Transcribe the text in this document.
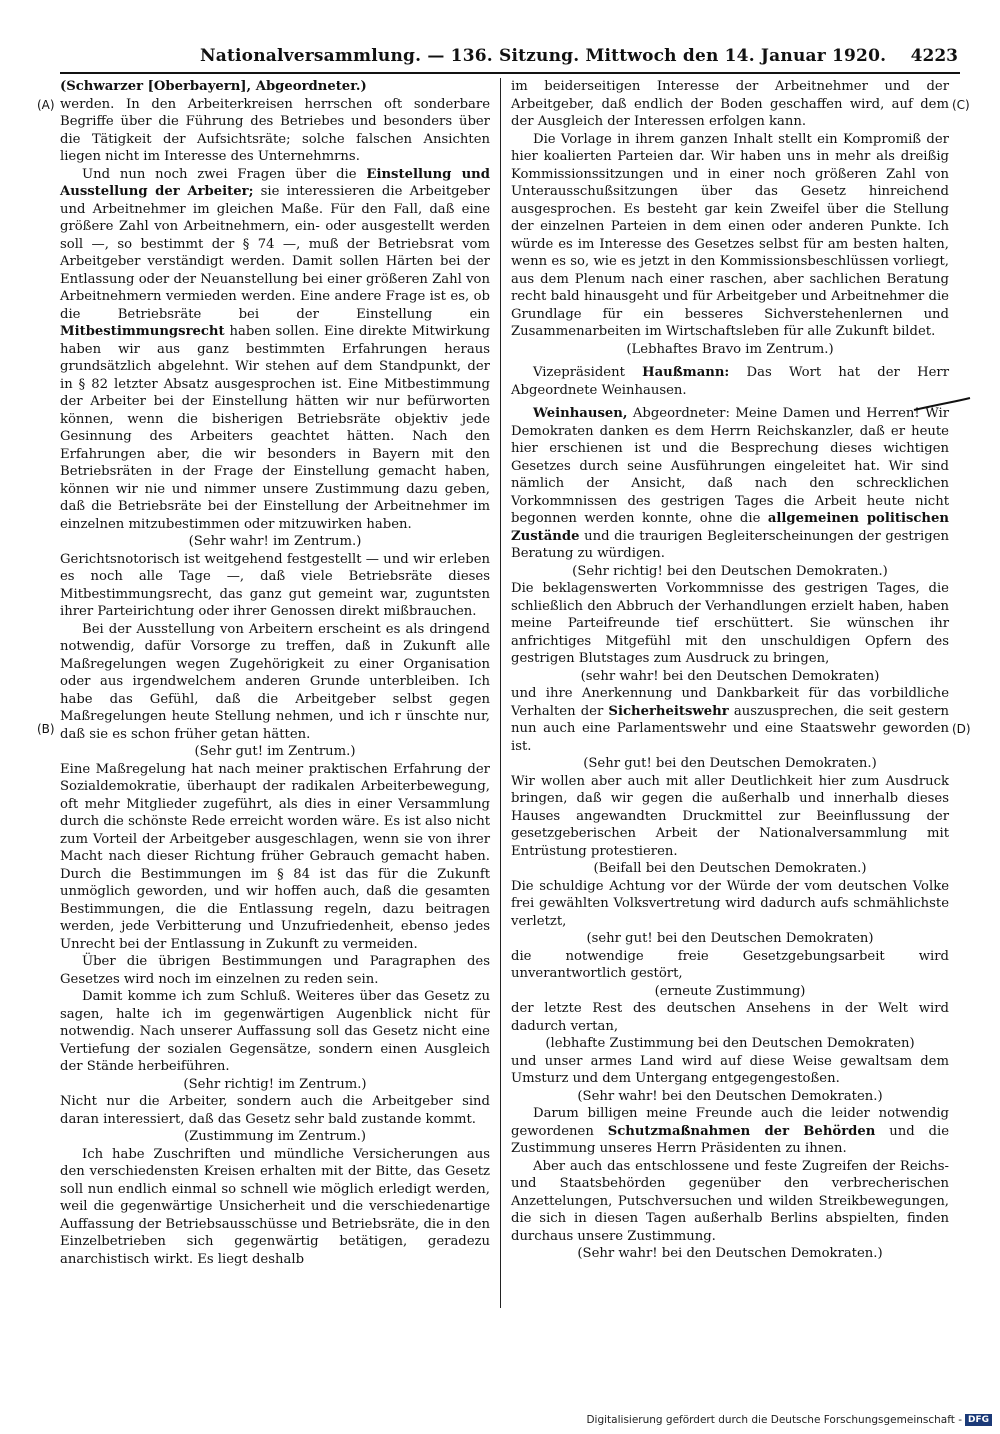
Nationalversammlung. — 136. Sitzung. Mittwoch den 14. Januar 1920. 4223
(A)
(B)
(C)
(D)

(Schwarzer [Oberbayern], Abgeordneter.)

werden. In den Arbeiterkreisen herrschen oft sonderbare Begriffe über die Führung des Betriebes und besonders über die Tätigkeit der Aufsichtsräte; solche falschen Ansichten liegen nicht im Interesse des Unternehmrns.

Und nun noch zwei Fragen über die Einstellung und Ausstellung der Arbeiter; sie interessieren die Arbeitgeber und Arbeitnehmer im gleichen Maße. Für den Fall, daß eine größere Zahl von Arbeitnehmern, ein- oder ausgestellt werden soll —, so bestimmt der § 74 —, muß der Betriebsrat vom Arbeitgeber verständigt werden. Damit sollen Härten bei der Entlassung oder der Neuanstellung bei einer größeren Zahl von Arbeitnehmern vermieden werden. Eine andere Frage ist es, ob die Betriebsräte bei der Einstellung ein Mitbestimmungsrecht haben sollen. Eine direkte Mitwirkung haben wir aus ganz bestimmten Erfahrungen heraus grundsätzlich abgelehnt. Wir stehen auf dem Standpunkt, der in § 82 letzter Absatz ausgesprochen ist. Eine Mitbestimmung der Arbeiter bei der Einstellung hätten wir nur befürworten können, wenn die bisherigen Betriebsräte objektiv jede Gesinnung des Arbeiters geachtet hätten. Nach den Erfahrungen aber, die wir besonders in Bayern mit den Betriebsräten in der Frage der Einstellung gemacht haben, können wir nie und nimmer unsere Zustimmung dazu geben, daß die Betriebsräte bei der Einstellung der Arbeitnehmer im einzelnen mitzubestimmen oder mitzuwirken haben.

(Sehr wahr! im Zentrum.)

Gerichtsnotorisch ist weitgehend festgestellt — und wir erleben es noch alle Tage —, daß viele Betriebsräte dieses Mitbestimmungsrecht, das ganz gut gemeint war, zuguntsten ihrer Parteirichtung oder ihrer Genossen direkt mißbrauchen.

Bei der Ausstellung von Arbeitern erscheint es als dringend notwendig, dafür Vorsorge zu treffen, daß in Zukunft alle Maßregelungen wegen Zugehörigkeit zu einer Organisation oder aus irgendwelchem anderen Grunde unterbleiben. Ich habe das Gefühl, daß die Arbeitgeber selbst gegen Maßregelungen heute Stellung nehmen, und ich r ünschte nur, daß sie es schon früher getan hätten.

(Sehr gut! im Zentrum.)

Eine Maßregelung hat nach meiner praktischen Erfahrung der Sozialdemokratie, überhaupt der radikalen Arbeiterbewegung, oft mehr Mitglieder zugeführt, als dies in einer Versammlung durch die schönste Rede erreicht worden wäre. Es ist also nicht zum Vorteil der Arbeitgeber ausgeschlagen, wenn sie von ihrer Macht nach dieser Richtung früher Gebrauch gemacht haben. Durch die Bestimmungen im § 84 ist das für die Zukunft unmöglich geworden, und wir hoffen auch, daß die gesamten Bestimmungen, die die Entlassung regeln, dazu beitragen werden, jede Verbitterung und Unzufriedenheit, ebenso jedes Unrecht bei der Entlassung in Zukunft zu vermeiden.

Über die übrigen Bestimmungen und Paragraphen des Gesetzes wird noch im einzelnen zu reden sein.

Damit komme ich zum Schluß. Weiteres über das Gesetz zu sagen, halte ich im gegenwärtigen Augenblick nicht für notwendig. Nach unserer Auffassung soll das Gesetz nicht eine Vertiefung der sozialen Gegensätze, sondern einen Ausgleich der Stände herbeiführen.

(Sehr richtig! im Zentrum.)

Nicht nur die Arbeiter, sondern auch die Arbeitgeber sind daran interessiert, daß das Gesetz sehr bald zustande kommt.

(Zustimmung im Zentrum.)

Ich habe Zuschriften und mündliche Versicherungen aus den verschiedensten Kreisen erhalten mit der Bitte, das Gesetz soll nun endlich einmal so schnell wie möglich erledigt werden, weil die gegenwärtige Unsicherheit und die verschiedenartige Auffassung der Betriebsausschüsse und Betriebsräte, die in den Einzelbetrieben sich gegenwärtig betätigen, geradezu anarchistisch wirkt. Es liegt deshalb

im beiderseitigen Interesse der Arbeitnehmer und der Arbeitgeber, daß endlich der Boden geschaffen wird, auf dem der Ausgleich der Interessen erfolgen kann.

Die Vorlage in ihrem ganzen Inhalt stellt ein Kompromiß der hier koalierten Parteien dar. Wir haben uns in mehr als dreißig Kommissionssitzungen und in einer noch größeren Zahl von Unterausschußsitzungen über das Gesetz hinreichend ausgesprochen. Es besteht gar kein Zweifel über die Stellung der einzelnen Parteien in dem einen oder anderen Punkte. Ich würde es im Interesse des Gesetzes selbst für am besten halten, wenn es so, wie es jetzt in den Kommissionsbeschlüssen vorliegt, aus dem Plenum nach einer raschen, aber sachlichen Beratung recht bald hinausgeht und für Arbeitgeber und Arbeitnehmer die Grundlage für ein besseres Sichverstehenlernen und Zusammenarbeiten im Wirtschaftsleben für alle Zukunft bildet.

(Lebhaftes Bravo im Zentrum.)

Vizepräsident Haußmann: Das Wort hat der Herr Abgeordnete Weinhausen.

Weinhausen, Abgeordneter: Meine Damen und Herren! Wir Demokraten danken es dem Herrn Reichskanzler, daß er heute hier erschienen ist und die Besprechung dieses wichtigen Gesetzes durch seine Ausführungen eingeleitet hat. Wir sind nämlich der Ansicht, daß nach den schrecklichen Vorkommnissen des gestrigen Tages die Arbeit heute nicht begonnen werden konnte, ohne die allgemeinen politischen Zustände und die traurigen Begleiterscheinungen der gestrigen Beratung zu würdigen.

(Sehr richtig! bei den Deutschen Demokraten.)

Die beklagenswerten Vorkommnisse des gestrigen Tages, die schließlich den Abbruch der Verhandlungen erzielt haben, haben meine Parteifreunde tief erschüttert. Sie wünschen ihr anfrichtiges Mitgefühl mit den unschuldigen Opfern des gestrigen Blutstages zum Ausdruck zu bringen,

(sehr wahr! bei den Deutschen Demokraten)

und ihre Anerkennung und Dankbarkeit für das vorbildliche Verhalten der Sicherheitswehr auszusprechen, die seit gestern nun auch eine Parlamentswehr und eine Staatswehr geworden ist.

(Sehr gut! bei den Deutschen Demokraten.)

Wir wollen aber auch mit aller Deutlichkeit hier zum Ausdruck bringen, daß wir gegen die außerhalb und innerhalb dieses Hauses angewandten Druckmittel zur Beeinflussung der gesetzgeberischen Arbeit der Nationalversammlung mit Entrüstung protestieren.

(Beifall bei den Deutschen Demokraten.)

Die schuldige Achtung vor der Würde der vom deutschen Volke frei gewählten Volksvertretung wird dadurch aufs schmählichste verletzt,

(sehr gut! bei den Deutschen Demokraten)

die notwendige freie Gesetzgebungsarbeit wird unverantwortlich gestört,

(erneute Zustimmung)

der letzte Rest des deutschen Ansehens in der Welt wird dadurch vertan,

(lebhafte Zustimmung bei den Deutschen Demokraten)

und unser armes Land wird auf diese Weise gewaltsam dem Umsturz und dem Untergang entgegengestoßen.

(Sehr wahr! bei den Deutschen Demokraten.)

Darum billigen meine Freunde auch die leider notwendig gewordenen Schutzmaßnahmen der Behörden und die Zustimmung unseres Herrn Präsidenten zu ihnen.

Aber auch das entschlossene und feste Zugreifen der Reichs- und Staatsbehörden gegenüber den verbrecherischen Anzettelungen, Putschversuchen und wilden Streikbewegungen, die sich in diesen Tagen außerhalb Berlins abspielten, finden durchaus unsere Zustimmung.

(Sehr wahr! bei den Deutschen Demokraten.)

Digitalisierung gefördert durch die Deutsche Forschungsgemeinschaft - DFG
